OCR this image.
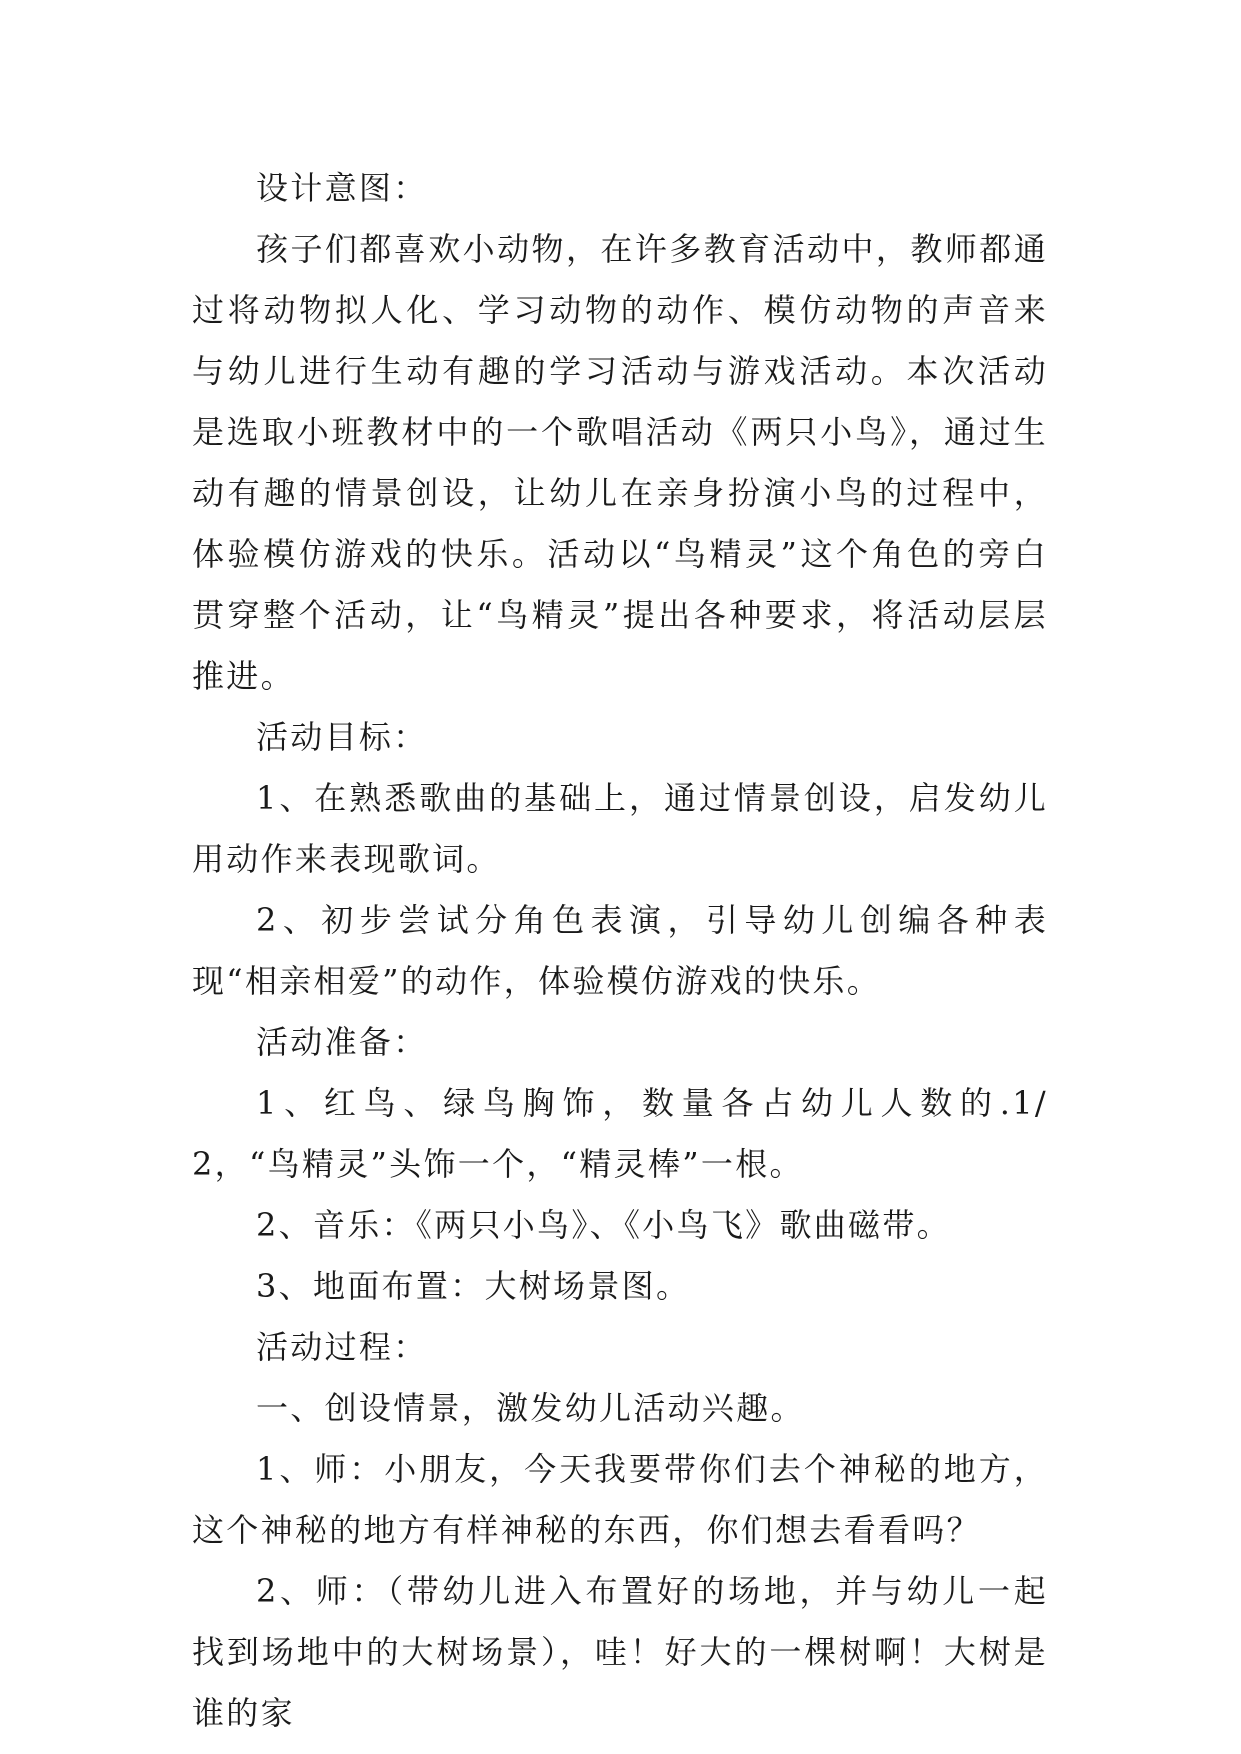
设计意图：

孩子们都喜欢小动物，在许多教育活动中，教师都通过将动物拟人化、学习动物的动作、模仿动物的声音来与幼儿进行生动有趣的学习活动与游戏活动。本次活动是选取小班教材中的一个歌唱活动《两只小鸟》，通过生动有趣的情景创设，让幼儿在亲身扮演小鸟的过程中，体验模仿游戏的快乐。活动以“鸟精灵”这个角色的旁白贯穿整个活动，让“鸟精灵”提出各种要求，将活动层层推进。

活动目标：

1、在熟悉歌曲的基础上，通过情景创设，启发幼儿用动作来表现歌词。

2、初步尝试分角色表演，引导幼儿创编各种表现“相亲相爱”的动作，体验模仿游戏的快乐。

活动准备：

1、红鸟、绿鸟胸饰，数量各占幼儿人数的.1/2，“鸟精灵”头饰一个，“精灵棒”一根。

2、音乐：《两只小鸟》、《小鸟飞》歌曲磁带。

3、地面布置：大树场景图。

活动过程：

一、创设情景，激发幼儿活动兴趣。

1、师：小朋友，今天我要带你们去个神秘的地方，这个神秘的地方有样神秘的东西，你们想去看看吗？

2、师：（带幼儿进入布置好的场地，并与幼儿一起找到场地中的大树场景），哇！好大的一棵树啊！大树是谁的家
